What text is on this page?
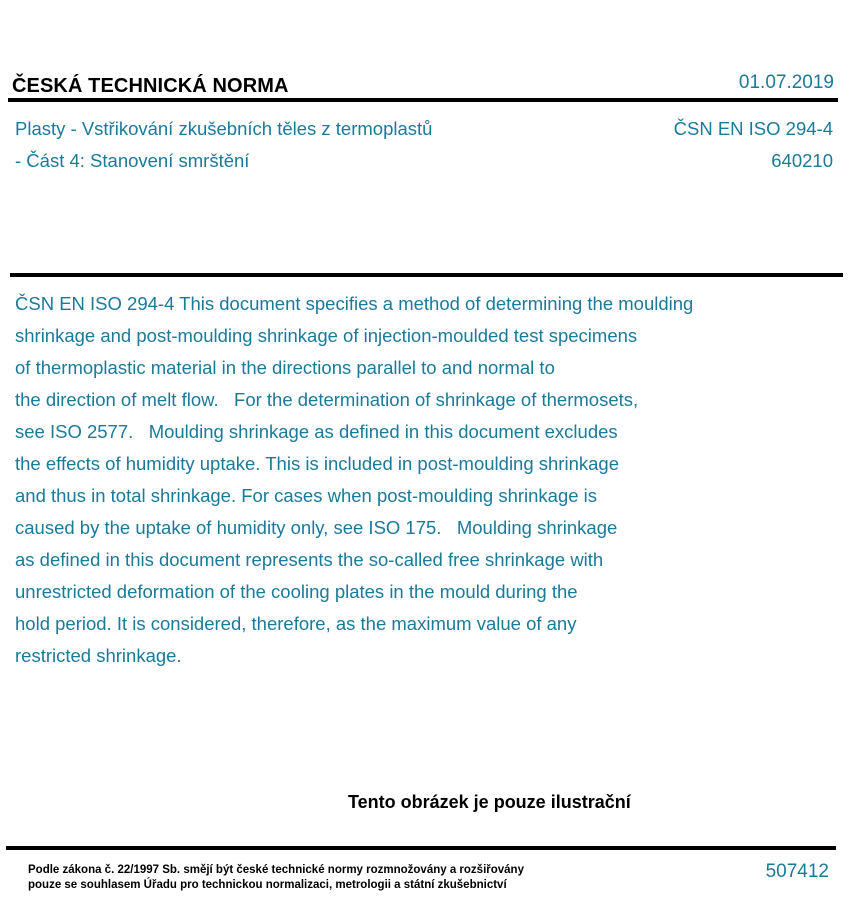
ČESKÁ TECHNICKÁ NORMA	01.07.2019
Plasty - Vstřikování zkušebních těles z termoplastů
- Část 4: Stanovení smrštění
ČSN EN ISO 294-4
640210
ČSN EN ISO 294-4 This document specifies a method of determining the moulding
shrinkage and post-moulding shrinkage of injection-moulded test specimens
of thermoplastic material in the directions parallel to and normal to
the direction of melt flow.   For the determination of shrinkage of thermosets,
see ISO 2577.   Moulding shrinkage as defined in this document excludes
the effects of humidity uptake. This is included in post-moulding shrinkage
and thus in total shrinkage. For cases when post-moulding shrinkage is
caused by the uptake of humidity only, see ISO 175.   Moulding shrinkage
as defined in this document represents the so-called free shrinkage with
unrestricted deformation of the cooling plates in the mould during the
hold period. It is considered, therefore, as the maximum value of any
restricted shrinkage.
Tento obrázek je pouze ilustrační
Podle zákona č. 22/1997 Sb. smějí být české technické normy rozmnožovány a rozšiřovány
pouze se souhlasem Úřadu pro technickou normalizaci, metrologii a státní zkušebnictví
507412
